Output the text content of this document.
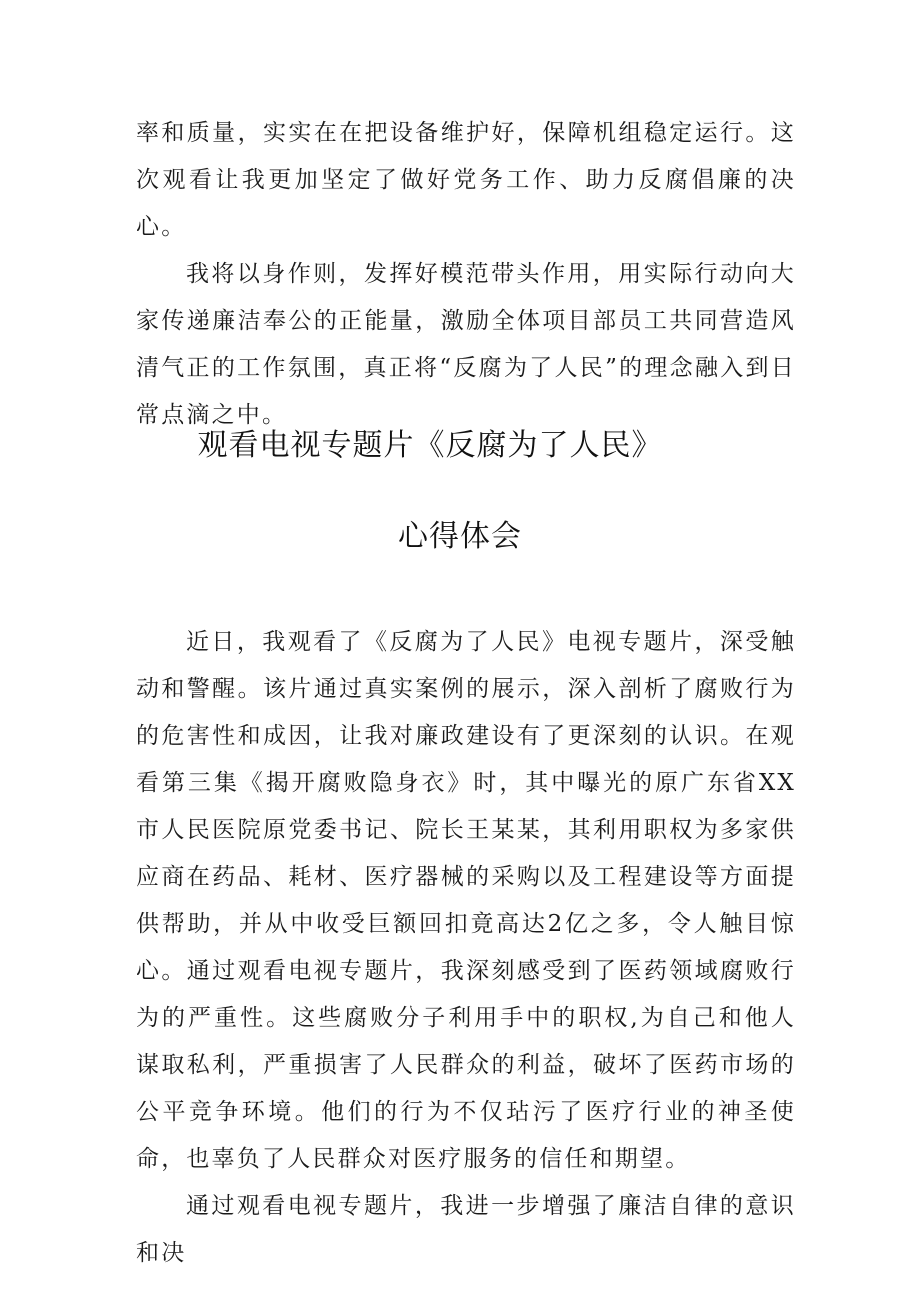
率和质量，实实在在把设备维护好，保障机组稳定运行。这次观看让我更加坚定了做好党务工作、助力反腐倡廉的决心。

我将以身作则，发挥好模范带头作用，用实际行动向大家传递廉洁奉公的正能量，激励全体项目部员工共同营造风清气正的工作氛围，真正将“反腐为了人民”的理念融入到日常点滴之中。

观看电视专题片《反腐为了人民》
心得体会

近日，我观看了《反腐为了人民》电视专题片，深受触动和警醒。该片通过真实案例的展示，深入剖析了腐败行为的危害性和成因，让我对廉政建设有了更深刻的认识。在观看第三集《揭开腐败隐身衣》时，其中曝光的原广东省XX市人民医院原党委书记、院长王某某，其利用职权为多家供应商在药品、耗材、医疗器械的采购以及工程建设等方面提供帮助，并从中收受巨额回扣竟高达2亿之多，令人触目惊心。通过观看电视专题片，我深刻感受到了医药领域腐败行为的严重性。这些腐败分子利用手中的职权,为自己和他人谋取私利，严重损害了人民群众的利益，破坏了医药市场的公平竞争环境。他们的行为不仅玷污了医疗行业的神圣使命，也辜负了人民群众对医疗服务的信任和期望。

通过观看电视专题片，我进一步增强了廉洁自律的意识和决
